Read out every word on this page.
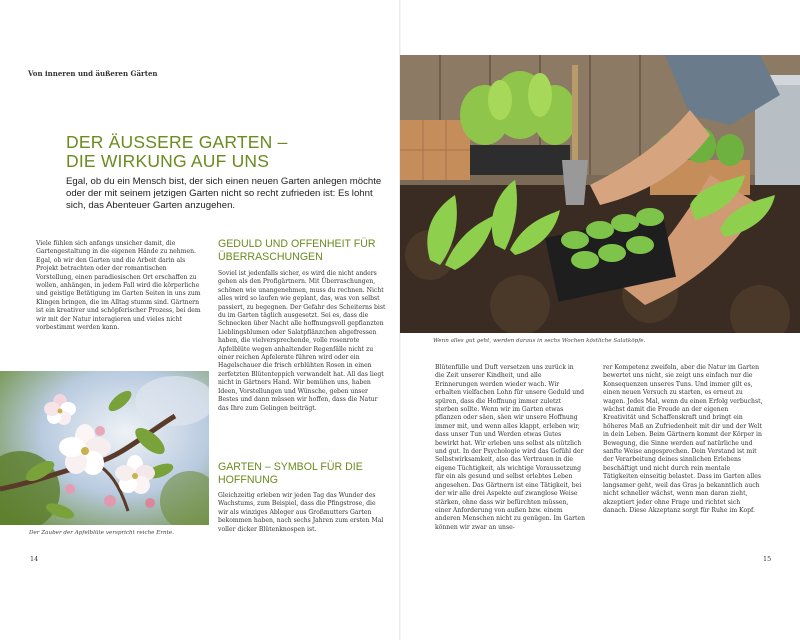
Von inneren und äußeren Gärten
DER ÄUSSERE GARTEN –
DIE WIRKUNG AUF UNS

Egal, ob du ein Mensch bist, der sich einen neuen Garten anlegen möchte oder der mit seinem jetzigen Garten nicht so recht zufrieden ist: Es lohnt sich, das Abenteuer Garten anzugehen.

Viele fühlen sich anfangs unsicher damit, die Gartengestaltung in die eigenen Hände zu nehmen. Egal, ob wir den Garten und die Arbeit darin als Projekt betrachten oder der romantischen Vorstellung, einen paradiesischen Ort erschaffen zu wollen, anhängen, in jedem Fall wird die körperliche und geistige Betätigung im Garten Seiten in uns zum Klingen bringen, die im Alltag stumm sind. Gärtnern ist ein kreativer und schöpferischer Prozess, bei dem wir mit der Natur interagieren und vieles nicht vorbestimmt werden kann.

GEDULD UND OFFENHEIT FÜR ÜBERRASCHUNGEN

Soviel ist jedenfalls sicher, es wird die nicht anders gehen als den Profigärtnern. Mit Überraschungen, schönen wie unangenehmen, muss du rechnen. Nicht alles wird so laufen wie geplant, das, was von selbst passiert, zu begegnen. Der Gefahr des Scheiterns bist du im Garten täglich ausgesetzt. Sei es, dass die Schnecken über Nacht alle hoffnungsvoll gepflanzten Lieblingsblumen oder Salatpflänzchen abgefressen haben, die vielversprechende, volle rosenrote Apfelblüte wegen anhaltender Regenfälle nicht zu einer reichen Apfelernte führen wird oder ein Hagelschauer die frisch erblühten Rosen in einen zerfetzten Blütenteppich verwandelt hat. All das liegt nicht in Gärtners Hand. Wir bemühen uns, haben Ideen, Vorstellungen und Wünsche, geben unser Bestes und dann müssen wir hoffen, dass die Natur das Ihre zum Gelingen beiträgt.

GARTEN – SYMBOL FÜR DIE HOFFNUNG

Gleichzeitig erleben wir jeden Tag das Wunder des Wachstums, zum Beispiel, dass die Pfingstrose, die wir als winziges Ableger aus Großmutters Garten bekommen haben, nach sechs Jahren zum ersten Mal voller dicker Blütenknospen ist.

Der Zauber der Apfelblüte verspricht reiche Ernte.

14

Wenn alles gut geht, werden daraus in sechs Wochen köstliche Salatköpfe.

Blütenfülle und Duft versetzen uns zurück in die Zeit unserer Kindheit, und alle Erinnerungen werden wieder wach. Wir erhalten vielfachen Lohn für unsere Geduld und spüren, dass die Hoffnung immer zuletzt sterben sollte. Wenn wir im Garten etwas pflanzen oder säen, säen wir unsere Hoffnung immer mit, und wenn alles klappt, erleben wir, dass unser Tun und Werden etwas Gutes bewirkt hat. Wir erleben uns selbst als nützlich und gut. In der Psychologie wird das Gefühl der Selbstwirksamkeit, also das Vertrauen in die eigene Tüchtigkeit, als wichtige Voraussetzung für ein als gesund und selbst erlebtes Leben angesehen. Das Gärtnern ist eine Tätigkeit, bei der wir alle drei Aspekte auf zwanglose Weise stärken, ohne dass wir befürchten müssen, einer Anforderung von außen bzw. einem anderen Menschen nicht zu genügen. Im Garten können wir zwar an unse-

rer Kompetenz zweifeln, aber die Natur im Garten bewertet uns nicht, sie zeigt uns einfach nur die Konsequenzen unseres Tuns. Und immer gilt es, einen neuen Versuch zu starten, es erneut zu wagen. Jedes Mal, wenn du einen Erfolg verbuchst, wächst damit die Freude an der eigenen Kreativität und Schaffenskraft und bringt ein höheres Maß an Zufriedenheit mit dir und der Welt in dein Leben. Beim Gärtnern kommt der Körper in Bewegung, die Sinne werden auf natürliche und sanfte Weise angesprochen. Dein Verstand ist mit der Verarbeitung deines sinnlichen Erlebens beschäftigt und nicht durch rein mentale Tätigkeiten einseitig belastet. Dass im Garten alles langsamer geht, weil das Gras ja bekanntlich auch nicht schneller wächst, wenn man daran zieht, akzeptiert jeder ohne Frage und richtet sich danach. Diese Akzeptanz sorgt für Ruhe im Kopf.

15
